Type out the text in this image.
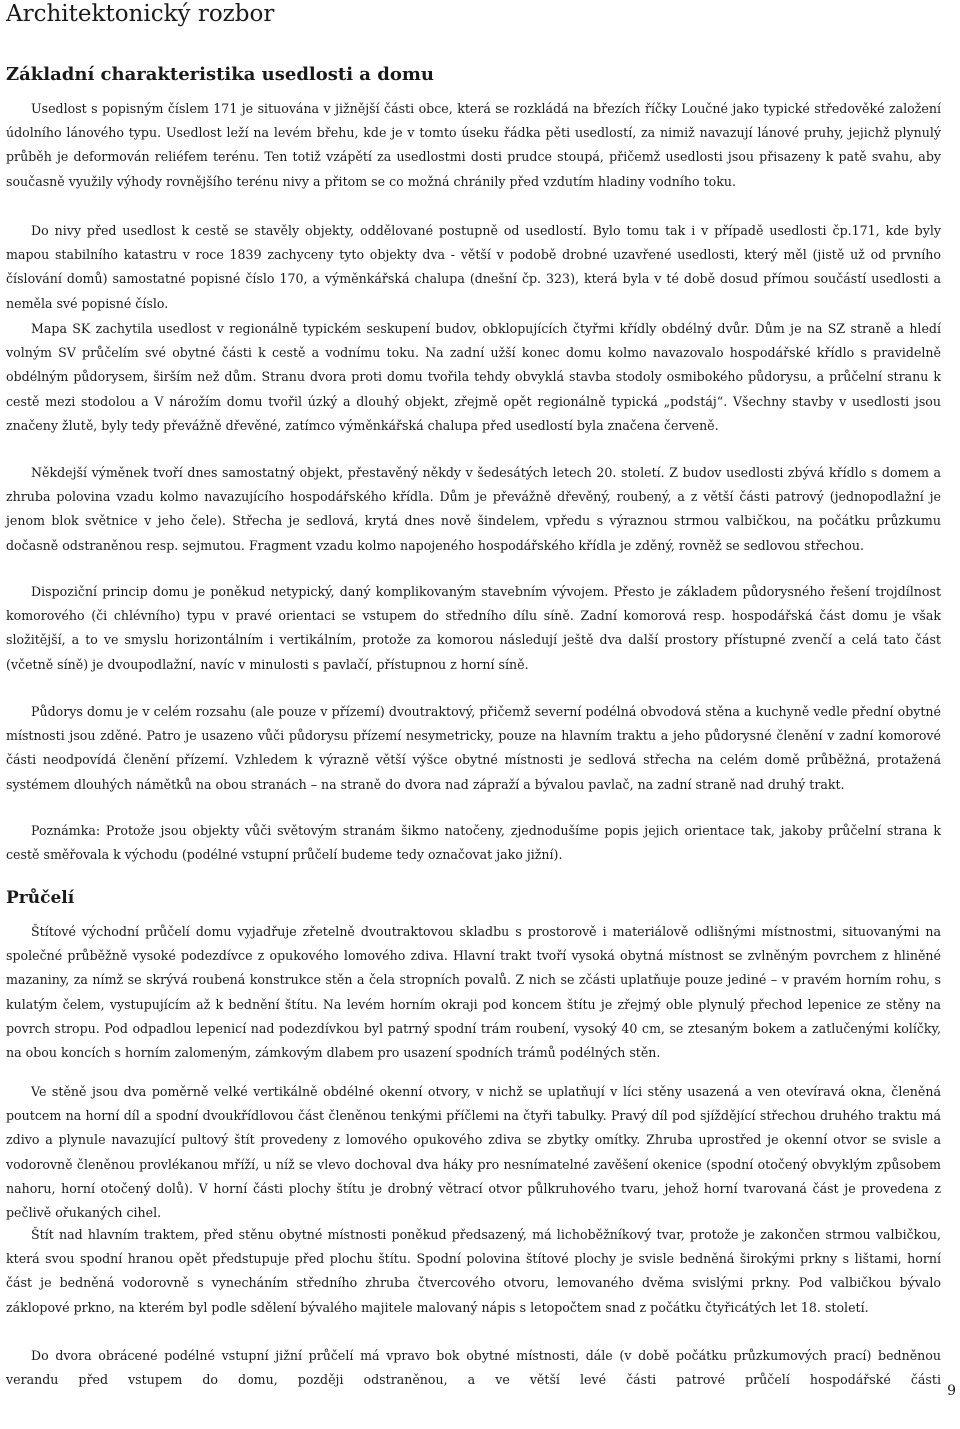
Architektonický rozbor
Základní charakteristika usedlosti a domu

Usedlost s popisným číslem 171 je situována v jižnější části obce, která se rozkládá na březích říčky Loučné jako typické středověké založení údolního lánového typu. Usedlost leží na levém břehu, kde je v tomto úseku řádka pěti usedlostí, za nimiž navazují lánové pruhy, jejichž plynulý průběh je deformován reliéfem terénu. Ten totiž vzápětí za usedlostmi dosti prudce stoupá, přičemž usedlosti jsou přisazeny k patě svahu, aby současně využily výhody rovnějšího terénu nivy a přitom se co možná chránily před vzdutím hladiny vodního toku.

Do nivy před usedlost k cestě se stavěly objekty, oddělované postupně od usedlostí. Bylo tomu tak i v případě usedlosti čp.171, kde byly mapou stabilního katastru v roce 1839 zachyceny tyto objekty dva - větší v podobě drobné uzavřené usedlosti, který měl (jistě už od prvního číslování domů) samostatné popisné číslo 170, a výměnkářská chalupa (dnešní čp. 323), která byla v té době dosud přímou součástí usedlosti a neměla své popisné číslo.

Mapa SK zachytila usedlost v regionálně typickém seskupení budov, obklopujících čtyřmi křídly obdélný dvůr. Dům je na SZ straně a hledí volným SV průčelím své obytné části k cestě a vodnímu toku. Na zadní užší konec domu kolmo navazovalo hospodářské křídlo s pravidelně obdélným půdorysem, širším než dům. Stranu dvora proti domu tvořila tehdy obvyklá stavba stodoly osmibokého půdorysu, a průčelní stranu k cestě mezi stodolou a V nárožím domu tvořil úzký a dlouhý objekt, zřejmě opět regionálně typická „podstáj“. Všechny stavby v usedlosti jsou značeny žlutě, byly tedy převážně dřevěné, zatímco výměnkářská chalupa před usedlostí byla značena červeně.

Někdejší výměnek tvoří dnes samostatný objekt, přestavěný někdy v šedesátých letech 20. století. Z budov usedlosti zbývá křídlo s domem a zhruba polovina vzadu kolmo navazujícího hospodářského křídla. Dům je převážně dřevěný, roubený, a z větší části patrový (jednopodlažní je jenom blok světnice v jeho čele). Střecha je sedlová, krytá dnes nově šindelem, vpředu s výraznou strmou valbičkou, na počátku průzkumu dočasně odstraněnou resp. sejmutou. Fragment vzadu kolmo napojeného hospodářského křídla je zděný, rovněž se sedlovou střechou.

Dispoziční princip domu je poněkud netypický, daný komplikovaným stavebním vývojem. Přesto je základem půdorysného řešení trojdílnost komorového (či chlévního) typu v pravé orientaci se vstupem do středního dílu síně. Zadní komorová resp. hospodářská část domu je však složitější, a to ve smyslu horizontálním i vertikálním, protože za komorou následují ještě dva další prostory přístupné zvenčí a celá tato část (včetně síně) je dvoupodlažní, navíc v minulosti s pavlačí, přístupnou z horní síně.

Půdorys domu je v celém rozsahu (ale pouze v přízemí) dvoutraktový, přičemž severní podélná obvodová stěna a kuchyně vedle přední obytné místnosti jsou zděné. Patro je usazeno vůči půdorysu přízemí nesymetricky, pouze na hlavním traktu a jeho půdorysné členění v zadní komorové části neodpovídá členění přízemí. Vzhledem k výrazně větší výšce obytné místnosti je sedlová střecha na celém domě průběžná, protažená systémem dlouhých námětků na obou stranách – na straně do dvora nad zápraží a bývalou pavlač, na zadní straně nad druhý trakt.

Poznámka: Protože jsou objekty vůči světovým stranám šikmo natočeny, zjednodušíme popis jejich orientace tak, jakoby průčelní strana k cestě směřovala k východu (podélné vstupní průčelí budeme tedy označovat jako jižní).

Průčelí

Štítové východní průčelí domu vyjadřuje zřetelně dvoutraktovou skladbu s prostorově i materiálově odlišnými místnostmi, situovanými na společné průběžně vysoké podezdívce z opukového lomového zdiva. Hlavní trakt tvoří vysoká obytná místnost se zvlněným povrchem z hliněné mazaniny, za nímž se skrývá roubená konstrukce stěn a čela stropních povalů. Z nich se zčásti uplatňuje pouze jediné – v pravém horním rohu, s kulatým čelem, vystupujícím až k bednění štítu. Na levém horním okraji pod koncem štítu je zřejmý oble plynulý přechod lepenice ze stěny na povrch stropu. Pod odpadlou lepenicí nad podezdívkou byl patrný spodní trám roubení, vysoký 40 cm, se ztesaným bokem a zatlučenými kolíčky, na obou koncích s horním zalomeným, zámkovým dlabem pro usazení spodních trámů podélných stěn.

Ve stěně jsou dva poměrně velké vertikálně obdélné okenní otvory, v nichž se uplatňují v líci stěny usazená a ven otevíravá okna, členěná poutcem na horní díl a spodní dvoukřídlovou část členěnou tenkými příčlemi na čtyři tabulky. Pravý díl pod sjíždějící střechou druhého traktu má zdivo a plynule navazující pultový štít provedeny z lomového opukového zdiva se zbytky omítky. Zhruba uprostřed je okenní otvor se svisle a vodorovně členěnou provlékanou mříží, u níž se vlevo dochoval dva háky pro nesnímatelné zavěšení okenice (spodní otočený obvyklým způsobem nahoru, horní otočený dolů). V horní části plochy štítu je drobný větrací otvor půlkruhového tvaru, jehož horní tvarovaná část je provedena z pečlivě ořukaných cihel.

Štít nad hlavním traktem, před stěnu obytné místnosti poněkud předsazený, má lichoběžníkový tvar, protože je zakončen strmou valbičkou, která svou spodní hranou opět předstupuje před plochu štítu. Spodní polovina štítové plochy je svisle bedněná širokými prkny s lištami, horní část je bedněná vodorovně s vynecháním středního zhruba čtvercového otvoru, lemovaného dvěma svislými prkny. Pod valbičkou bývalo záklopové prkno, na kterém byl podle sdělení bývalého majitele malovaný nápis s letopočtem snad z počátku čtyřicátých let 18. století.

Do dvora obrácené podélné vstupní jižní průčelí má vpravo bok obytné místnosti, dále (v době počátku průzkumových prací) bedněnou verandu před vstupem do domu, později odstraněnou, a ve větší levé části patrové průčelí hospodářské části

9
